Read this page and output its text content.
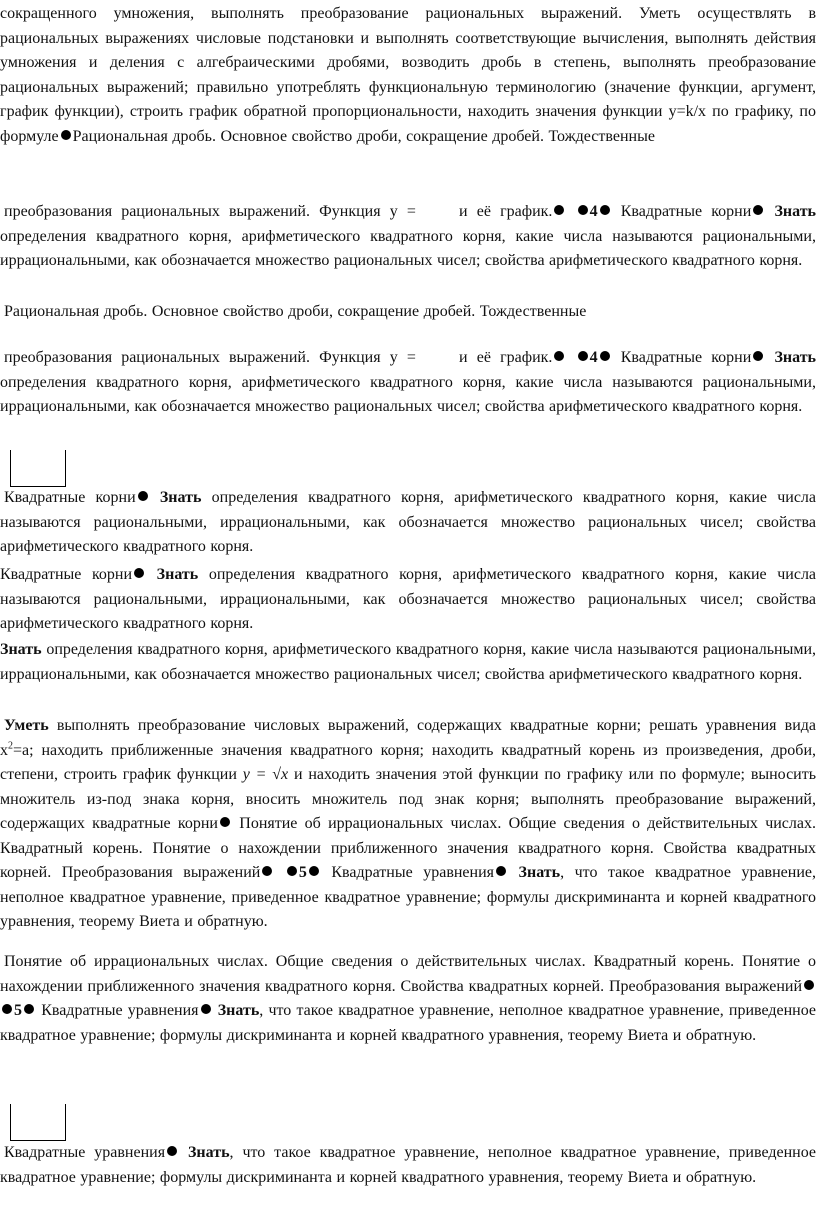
сокращенного умножения, выполнять преобразование рациональных выражений. Уметь осуществлять в рациональных выражениях числовые подстановки и выполнять соответствующие вычисления, выполнять действия умножения и деления с алгебраическими дробями, возводить дробь в степень, выполнять преобразование рациональных выражений; правильно употреблять функциональную терминологию (значение функции, аргумент, график функции), строить график обратной пропорциональности, находить значения функции y=k/x по графику, по формуле Рациональная дробь. Основное свойство дроби, сокращение дробей. Тождественные

преобразования рациональных выражений. Функция y =	и её график. 4 Квадратные корни Знать определения квадратного корня, арифметического квадратного корня, какие числа называются рациональными, иррациональными, как обозначается множество рациональных чисел; свойства арифметического квадратного корня.

Рациональная дробь. Основное свойство дроби, сокращение дробей. Тождественные

преобразования рациональных выражений. Функция y =	и её график. 4 Квадратные корни Знать определения квадратного корня, арифметического квадратного корня, какие числа называются рациональными, иррациональными, как обозначается множество рациональных чисел; свойства арифметического квадратного корня.

Квадратные корни Знать определения квадратного корня, арифметического квадратного корня, какие числа называются рациональными, иррациональными, как обозначается множество рациональных чисел; свойства арифметического квадратного корня.

Квадратные корни Знать определения квадратного корня, арифметического квадратного корня, какие числа называются рациональными, иррациональными, как обозначается множество рациональных чисел; свойства арифметического квадратного корня.

Знать определения квадратного корня, арифметического квадратного корня, какие числа называются рациональными, иррациональными, как обозначается множество рациональных чисел; свойства арифметического квадратного корня.

Уметь выполнять преобразование числовых выражений, содержащих квадратные корни; решать уравнения вида $x^2=a$; находить приближенные значения квадратного корня; находить квадратный корень из произведения, дроби, степени, строить график функции y = √x и находить значения этой функции по графику или по формуле; выносить множитель из-под знака корня, вносить множитель под знак корня; выполнять преобразование выражений, содержащих квадратные корни Понятие об иррациональных числах. Общие сведения о действительных числах. Квадратный корень. Понятие о нахождении приближенного значения квадратного корня. Свойства квадратных корней. Преобразования выражений 5 Квадратные уравнения Знать, что такое квадратное уравнение, неполное квадратное уравнение, приведенное квадратное уравнение; формулы дискриминанта и корней квадратного уравнения, теорему Виета и обратную.

Понятие об иррациональных числах. Общие сведения о действительных числах. Квадратный корень. Понятие о нахождении приближенного значения квадратного корня. Свойства квадратных корней. Преобразования выражений 5 Квадратные уравнения Знать, что такое квадратное уравнение, неполное квадратное уравнение, приведенное квадратное уравнение; формулы дискриминанта и корней квадратного уравнения, теорему Виета и обратную.

Квадратные уравнения Знать, что такое квадратное уравнение, неполное квадратное уравнение, приведенное квадратное уравнение; формулы дискриминанта и корней квадратного уравнения, теорему Виета и обратную.
